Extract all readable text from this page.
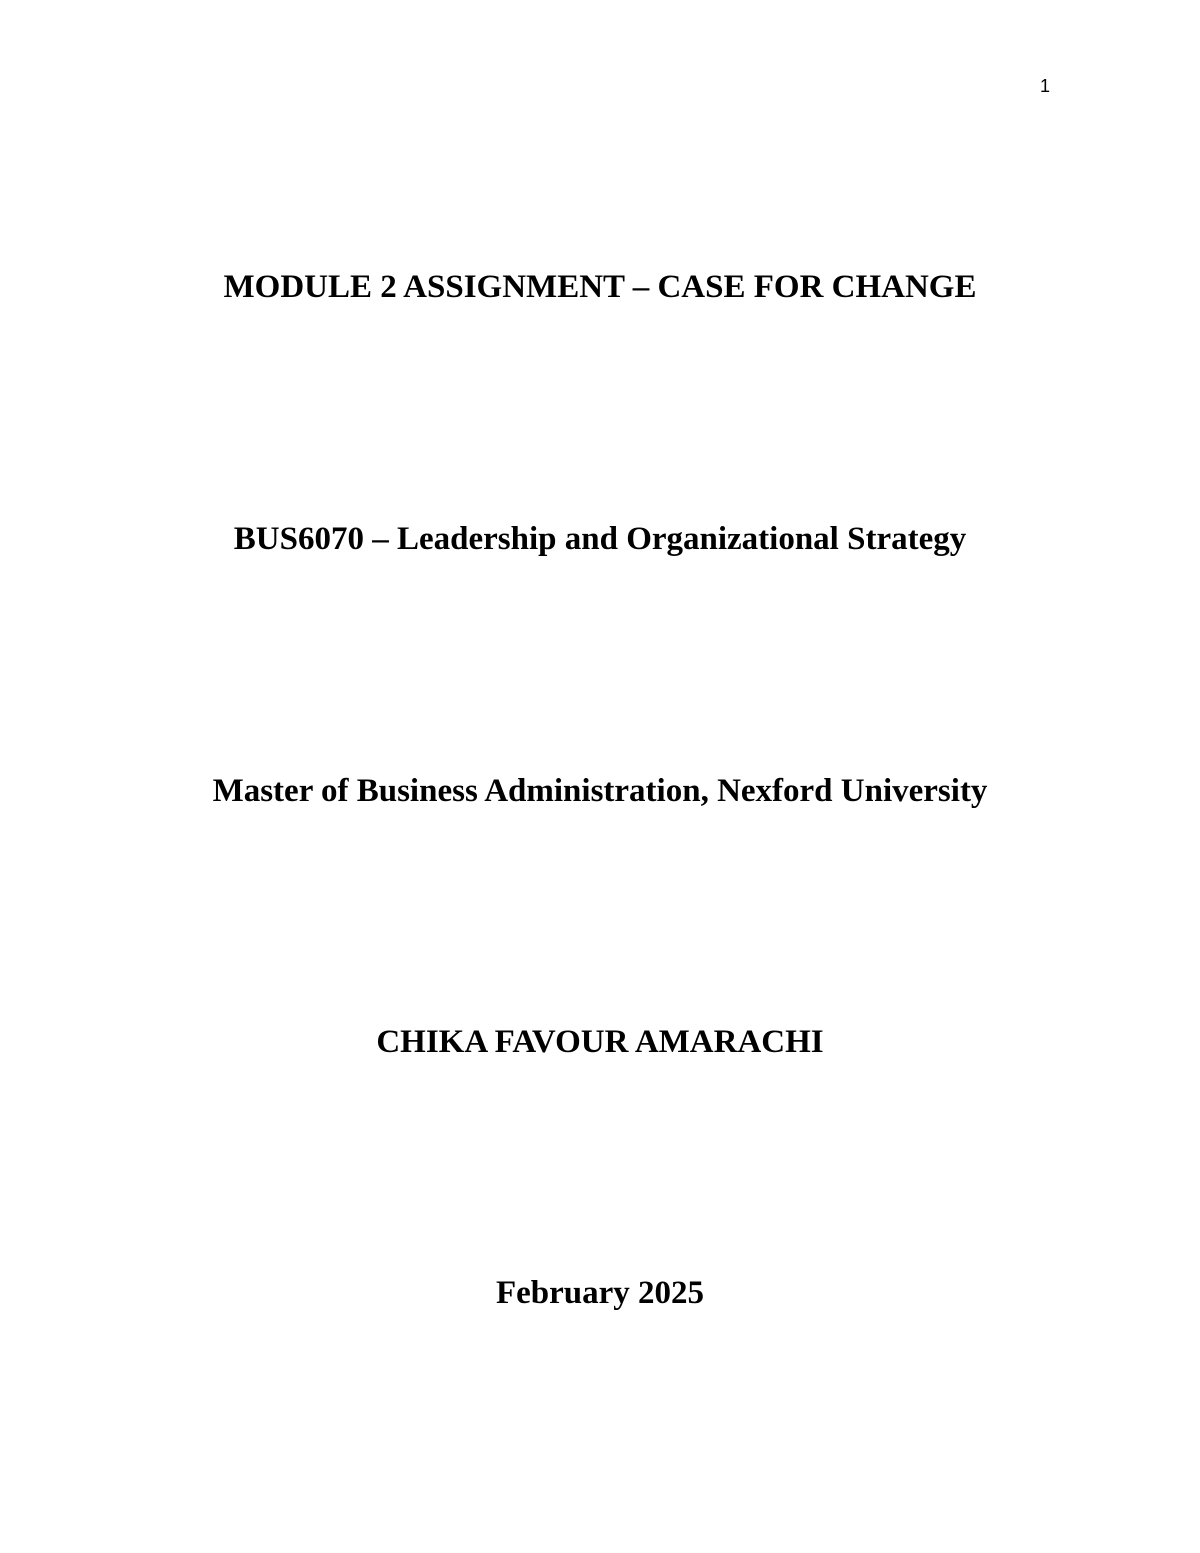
1
MODULE 2 ASSIGNMENT – CASE FOR CHANGE
BUS6070 – Leadership and Organizational Strategy
Master of Business Administration, Nexford University
CHIKA FAVOUR AMARACHI
February 2025
